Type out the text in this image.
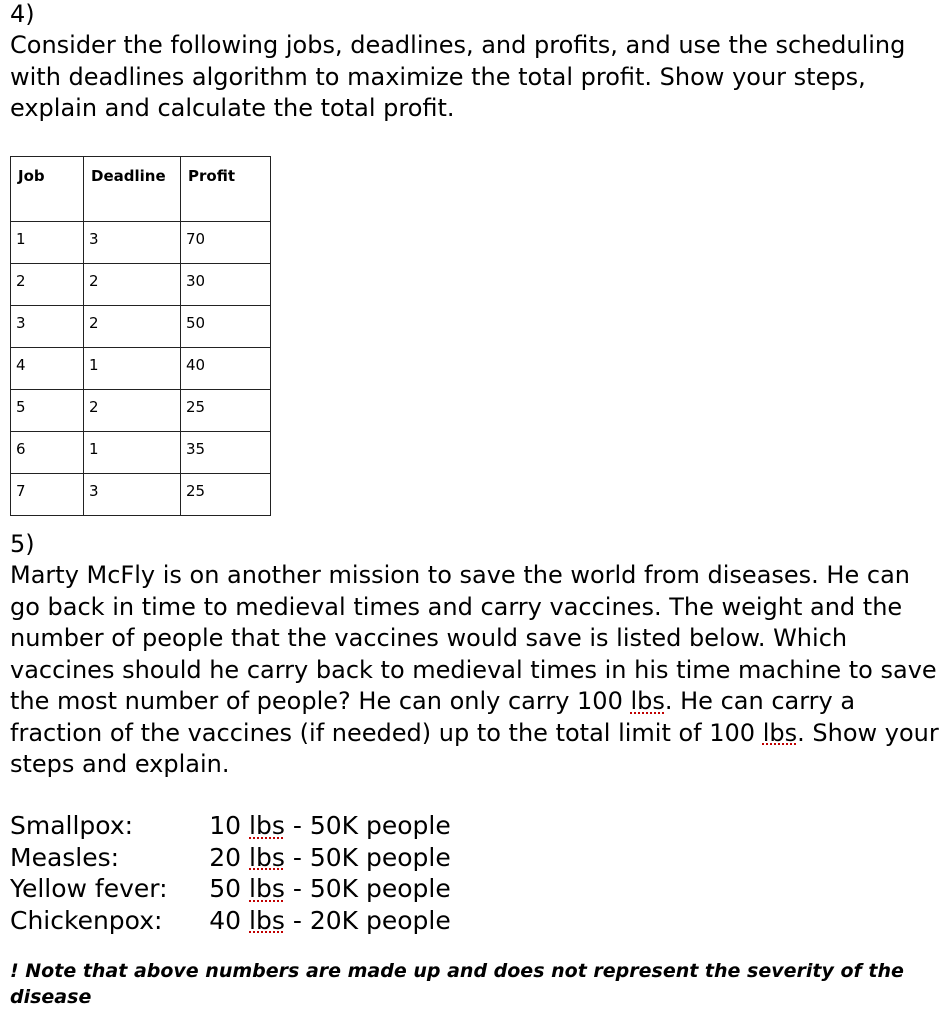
4)
Consider the following jobs, deadlines, and profits, and use the scheduling with deadlines algorithm to maximize the total profit. Show your steps, explain and calculate the total profit.
Job	Deadline	Profit
1	3	70
2	2	30
3	2	50
4	1	40
5	2	25
6	1	35
7	3	25
5)
Marty McFly is on another mission to save the world from diseases. He can go back in time to medieval times and carry vaccines. The weight and the number of people that the vaccines would save is listed below. Which vaccines should he carry back to medieval times in his time machine to save the most number of people? He can only carry 100 lbs. He can carry a fraction of the vaccines (if needed) up to the total limit of 100 lbs. Show your steps and explain.
Smallpox:	10 lbs - 50K people
Measles:	20 lbs - 50K people
Yellow fever: 50 lbs - 50K people
Chickenpox: 40 lbs - 20K people
! Note that above numbers are made up and does not represent the severity of the disease
